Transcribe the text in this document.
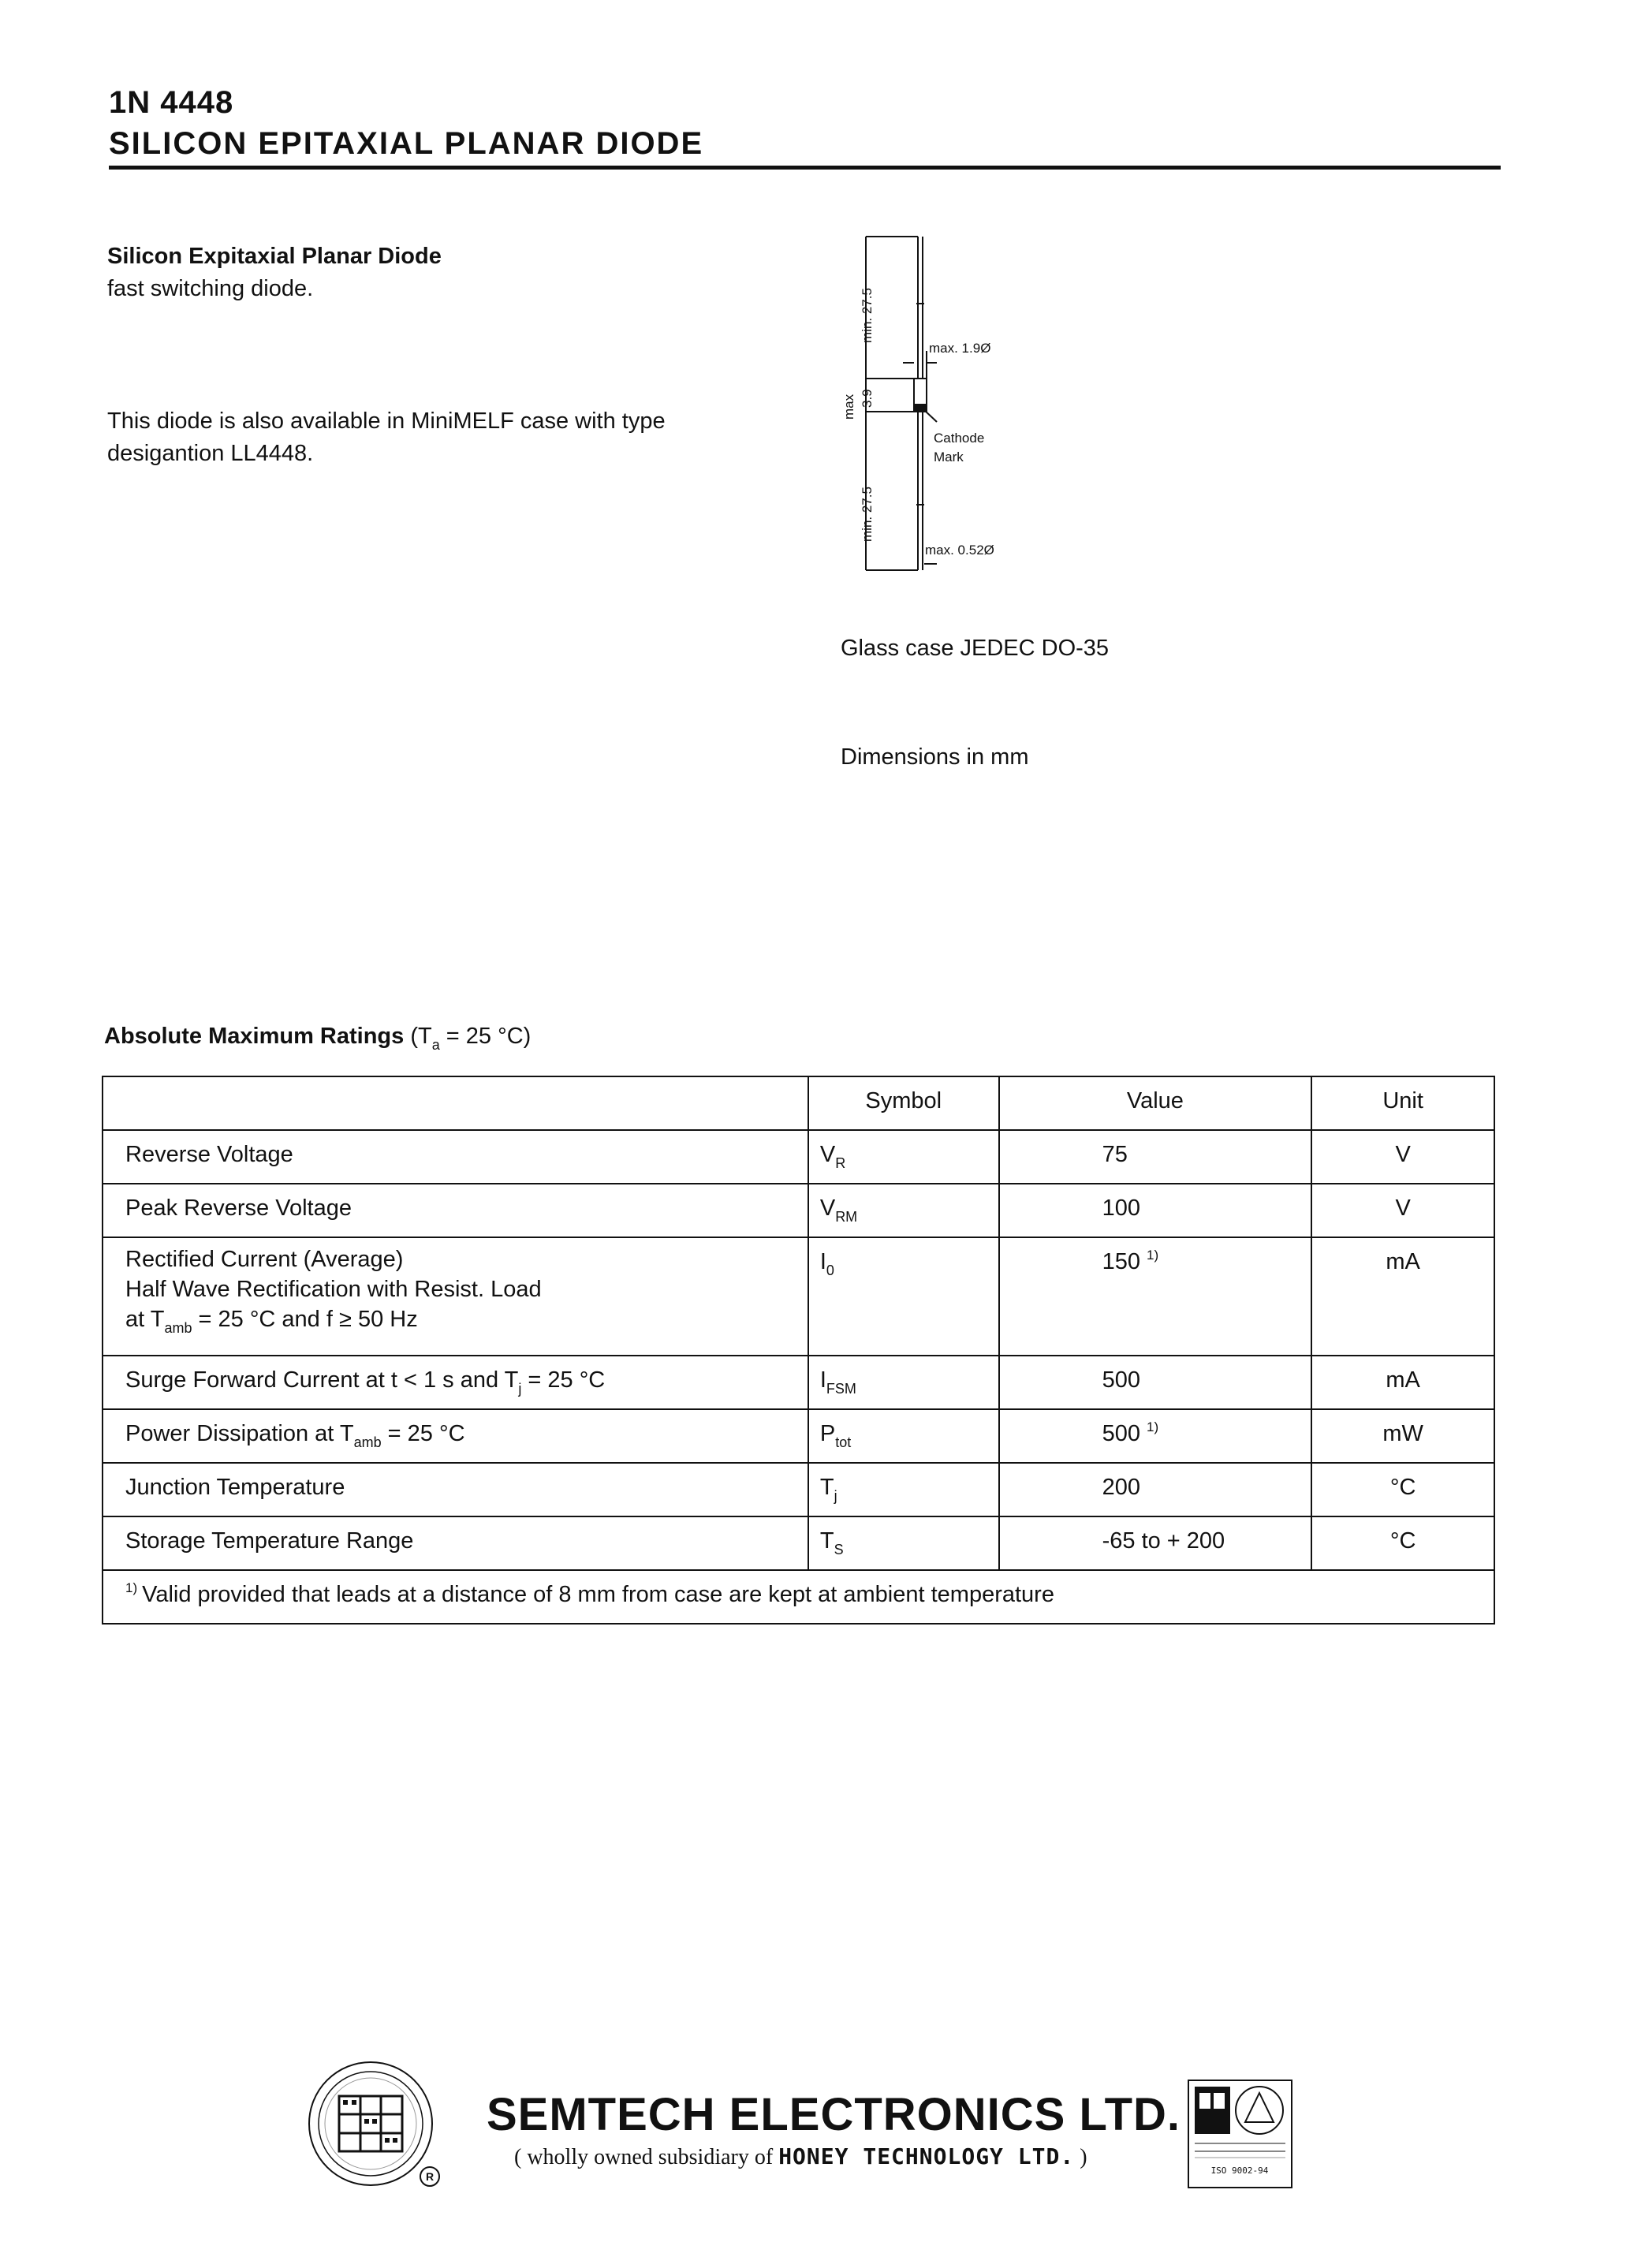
1N 4448
SILICON EPITAXIAL PLANAR DIODE
Silicon Expitaxial Planar Diode
fast switching diode.
This diode is also available in MiniMELF case with type
desigantion LL4448.
min. 27.5
min. 27.5
max 3.9
max. 1.9Ø
max. 0.52Ø
Cathode
Mark
Glass case JEDEC DO-35
Dimensions in mm
Absolute Maximum Ratings ($T_a = 25$ °C)
	Symbol	Value	Unit
Reverse Voltage	$V_R$	75	V
Peak Reverse Voltage	$V_{RM}$	100	V

Rectified Current (Average)
Half Wave Rectification with Resist. Load
at $T_{amb} = 25$ °C and f ≥ 50 Hz	$I_0$	150 $^{1)}$	mA
Surge Forward Current at t < 1 s and $T_j = 25$ °C	$I_{FSM}$	500	mA
Power Dissipation at $T_{amb} = 25$ °C	$P_{tot}$	500 $^{1)}$	mW
Junction Temperature	$T_j$	200	°C
Storage Temperature Range	$T_S$	-65 to + 200	°C
$^{1)}$ Valid provided that leads at a distance of 8 mm from case are kept at ambient temperature			
R
SEMTECH ELECTRONICS LTD.
( wholly owned subsidiary of HONEY TECHNOLOGY LTD. )
ISO 9002-94
